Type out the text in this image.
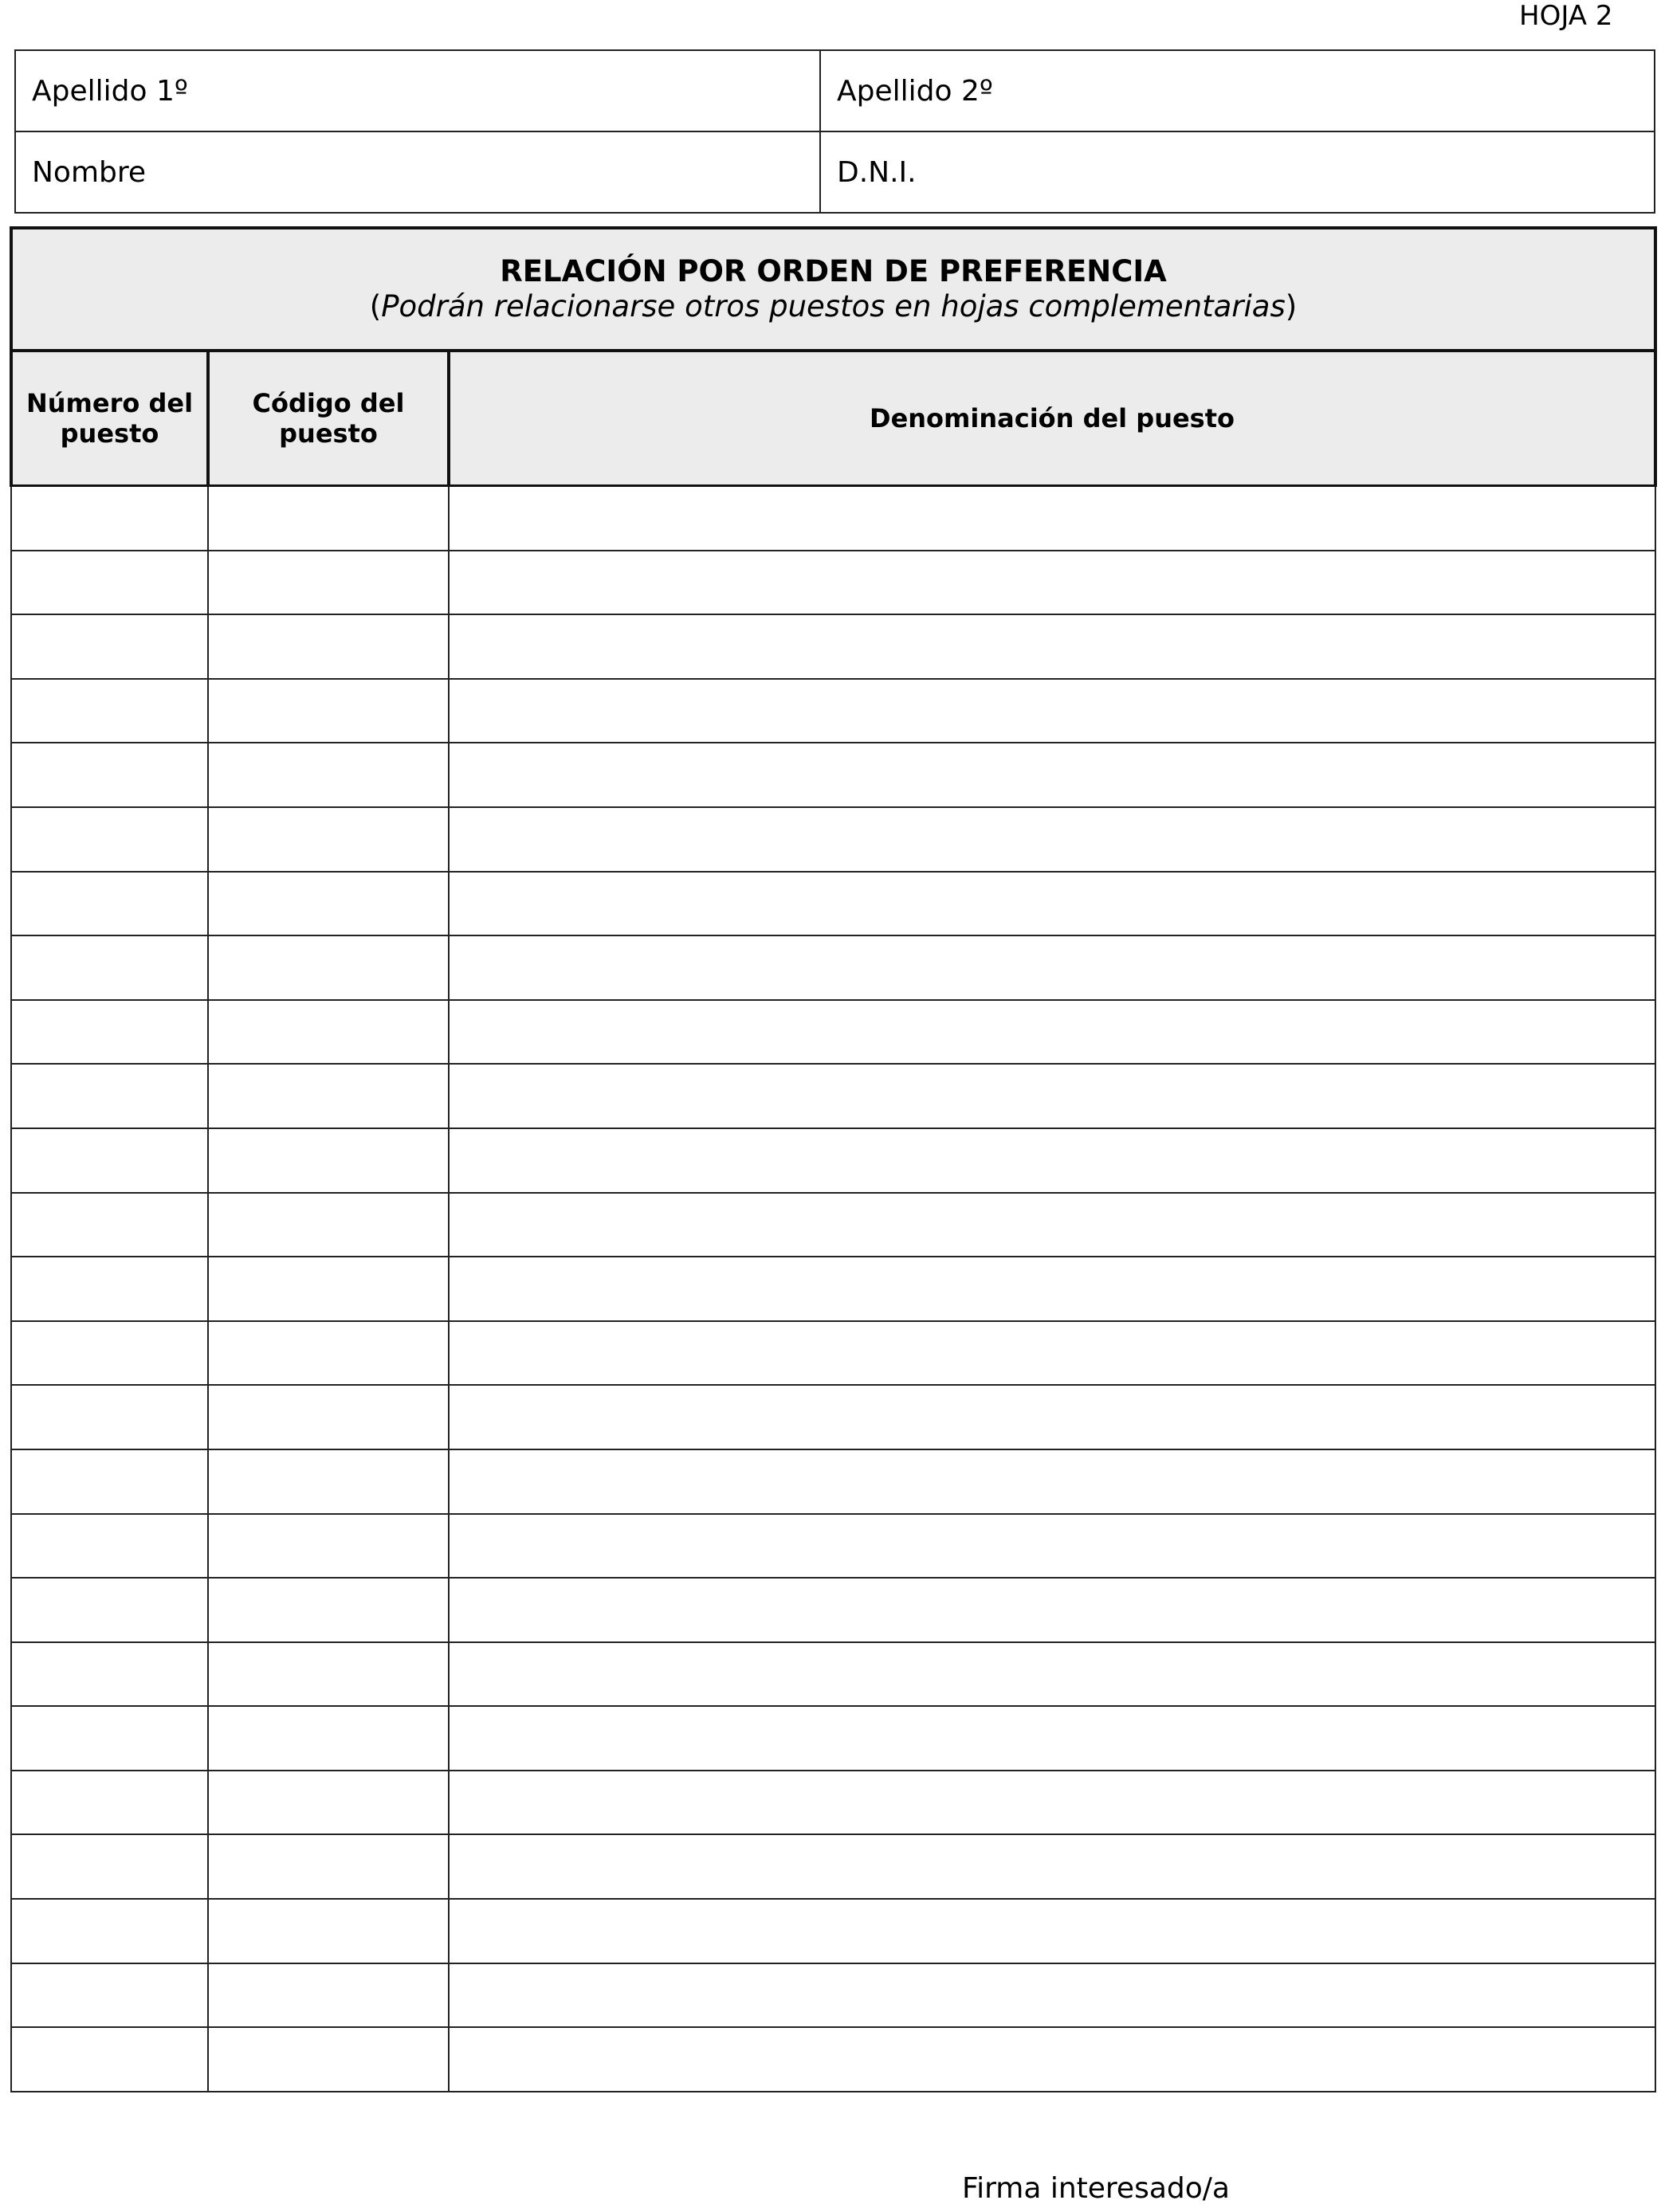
HOJA 2
Apellido 1º	Apellido 2º
Nombre	D.N.I.
RELACIÓN POR ORDEN DE PREFERENCIA
(Podrán relacionarse otros puestos en hojas complementarias)		

Número del puesto	Código del puesto	Denominación del puesto

Firma interesado/a
